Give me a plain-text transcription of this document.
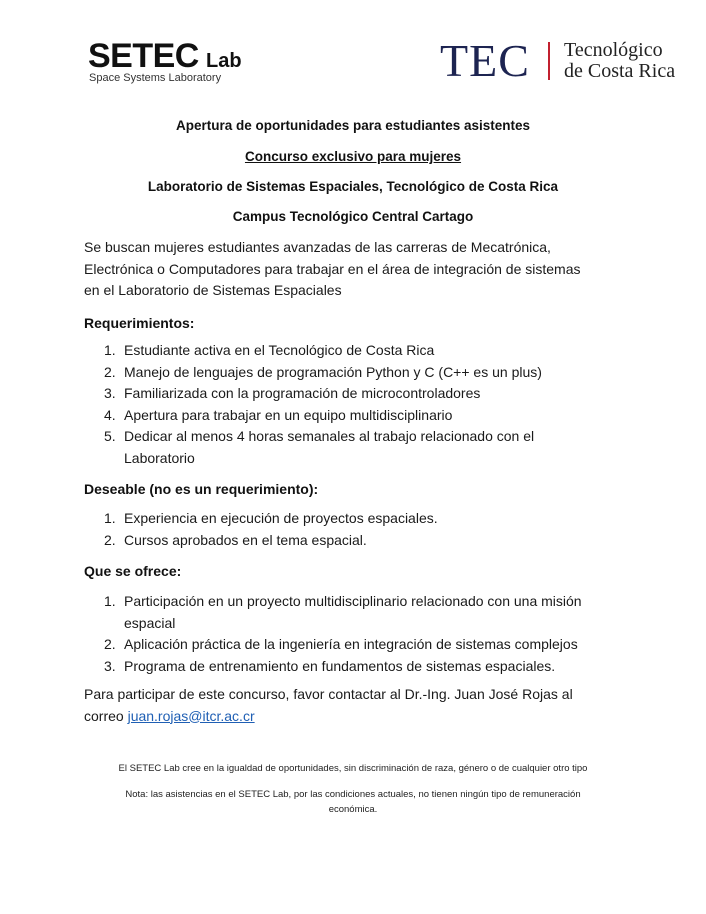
SETEC Lab
Space Systems Laboratory	TEC Tecnológico
de Costa Rica
Apertura de oportunidades para estudiantes asistentes
Concurso exclusivo para mujeres
Laboratorio de Sistemas Espaciales, Tecnológico de Costa Rica
Campus Tecnológico Central Cartago
Se buscan mujeres estudiantes avanzadas de las carreras de Mecatrónica,
Electrónica o Computadores para trabajar en el área de integración de sistemas
en el Laboratorio de Sistemas Espaciales
Requerimientos:
1. Estudiante activa en el Tecnológico de Costa Rica
2. Manejo de lenguajes de programación Python y C (C++ es un plus)
3. Familiarizada con la programación de microcontroladores
4. Apertura para trabajar en un equipo multidisciplinario
5. Dedicar al menos 4 horas semanales al trabajo relacionado con el
Laboratorio
Deseable (no es un requerimiento):
1. Experiencia en ejecución de proyectos espaciales.
2. Cursos aprobados en el tema espacial.
Que se ofrece:
1. Participación en un proyecto multidisciplinario relacionado con una misión
espacial
2. Aplicación práctica de la ingeniería en integración de sistemas complejos
3. Programa de entrenamiento en fundamentos de sistemas espaciales.
Para participar de este concurso, favor contactar al Dr.-Ing. Juan José Rojas al
correo juan.rojas@itcr.ac.cr
El SETEC Lab cree en la igualdad de oportunidades, sin discriminación de raza, género o de cualquier otro tipo
Nota: las asistencias en el SETEC Lab, por las condiciones actuales, no tienen ningún tipo de remuneración
económica.
